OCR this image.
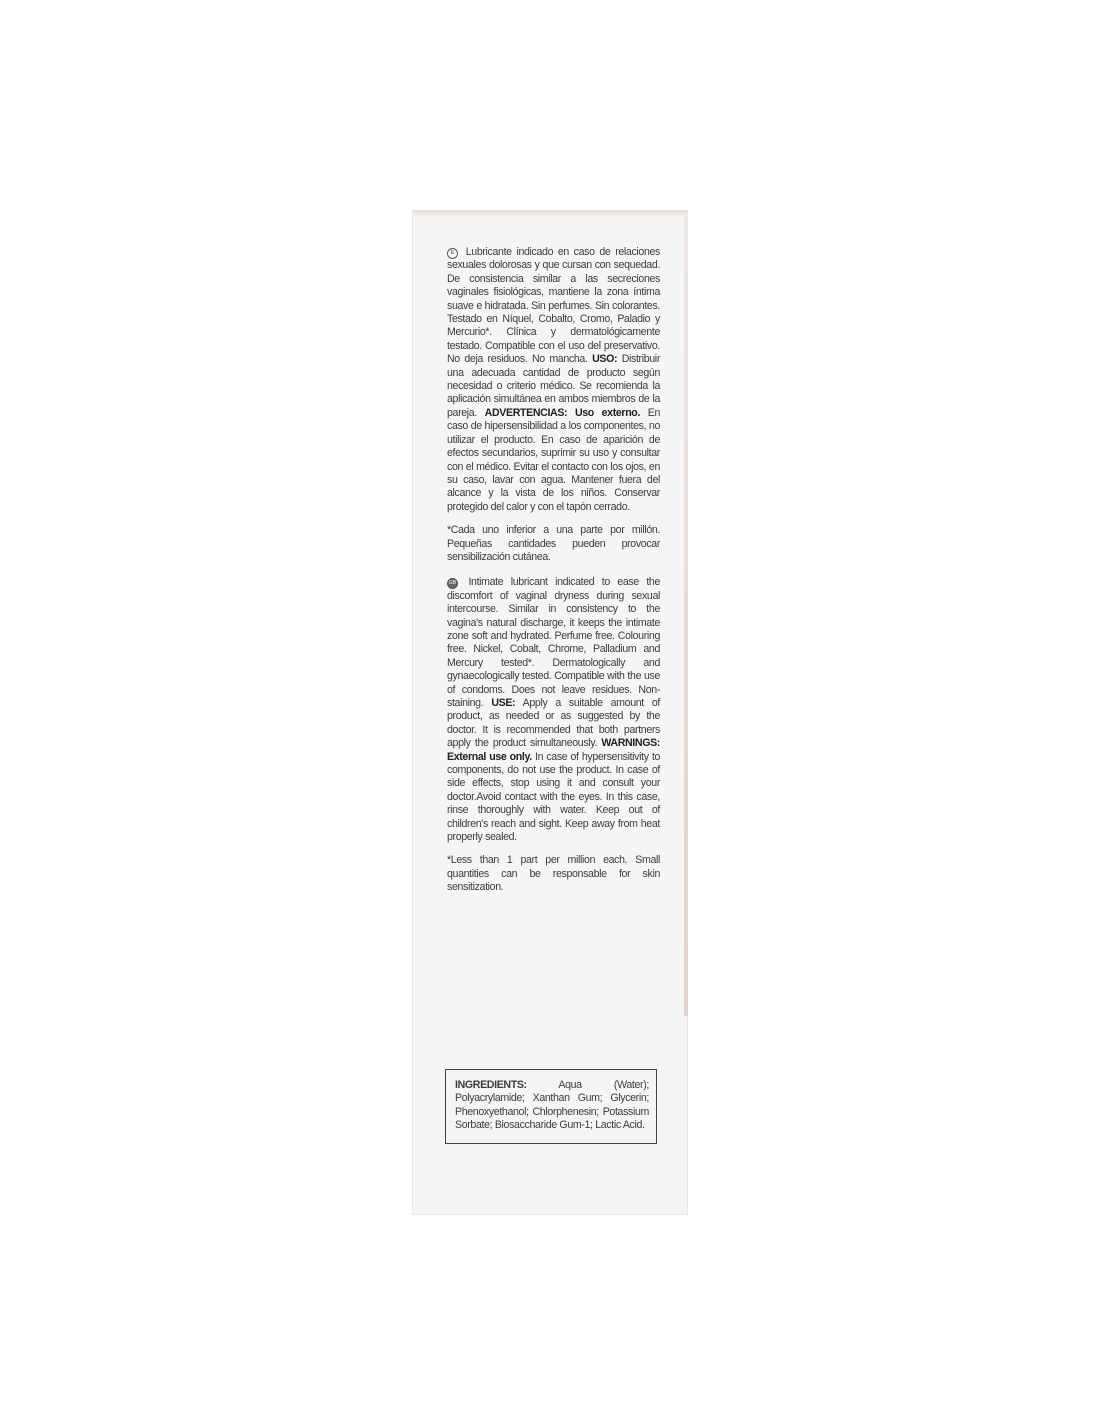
E Lubricante indicado en caso de relaciones sexuales dolorosas y que cursan con sequedad. De consistencia similar a las secreciones vaginales fisiológicas, mantiene la zona íntima suave e hidratada. Sin perfumes. Sin colorantes. Testado en Níquel, Cobalto, Cromo, Paladio y Mercurio*. Clínica y dermatológicamente testado. Compatible con el uso del preservativo. No deja residuos. No mancha. USO: Distribuir una adecuada cantidad de producto según necesidad o criterio médico. Se recomienda la aplicación simultánea en ambos miembros de la pareja. ADVERTENCIAS: Uso externo. En caso de hipersensibilidad a los componentes, no utilizar el producto. En caso de aparición de efectos secundarios, suprimir su uso y consultar con el médico. Evitar el contacto con los ojos, en su caso, lavar con agua. Mantener fuera del alcance y la vista de los niños. Conservar protegido del calor y con el tapón cerrado.

*Cada uno inferior a una parte por millón. Pequeñas cantidades pueden provocar sensibilización cutánea.

GB Intimate lubricant indicated to ease the discomfort of vaginal dryness during sexual intercourse. Similar in consistency to the vagina's natural discharge, it keeps the intimate zone soft and hydrated. Perfume free. Colouring free. Nickel, Cobalt, Chrome, Palladium and Mercury tested*. Dermatologically and gynaecologically tested. Compatible with the use of condoms. Does not leave residues. Non-staining. USE: Apply a suitable amount of product, as needed or as suggested by the doctor. It is recommended that both partners apply the product simultaneously. WARNINGS: External use only. In case of hypersensitivity to components, do not use the product. In case of side effects, stop using it and consult your doctor.Avoid contact with the eyes. In this case, rinse thoroughly with water. Keep out of children's reach and sight. Keep away from heat properly sealed.

*Less than 1 part per million each. Small quantities can be responsable for skin sensitization.

INGREDIENTS:	Aqua (Water); Polyacrylamide; Xanthan Gum; Glycerin; Phenoxyethanol; Chlorphenesin; Potassium Sorbate; Biosaccharide Gum-1; Lactic Acid.
